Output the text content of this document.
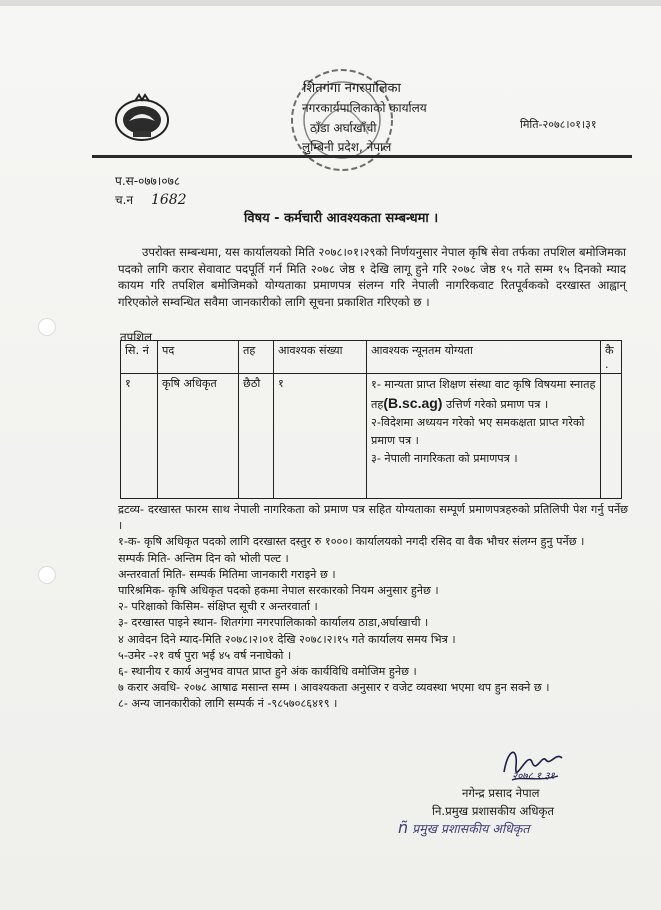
शितगंगा नगरपालिका
नगरकार्यपालिकाको कार्यालय
ठाँडा अर्घाखाँची
लुम्बिनी प्रदेश, नेपाल
मिति-२०७८।०१।३१
प.स-०७७।०७८
च.न 1682
विषय - कर्मचारी आवश्यकता सम्बन्धमा ।

उपरोक्त सम्बन्धमा, यस कार्यालयको मिति २०७८।०१।२९को निर्णयनुसार नेपाल कृषि सेवा तर्फका तपशिल बमोजिमका पदको लागि करार सेवावाट पदपूर्ति गर्न मिति २०७८ जेष्ठ १ देखि लागू हुने गरि २०७८ जेष्ठ १५ गते सम्म १५ दिनको म्याद कायम गरि तपशिल बमोजिमको योग्यताका प्रमाणपत्र संलग्न गरि नेपाली नागरिकवाट रितपूर्वकको दरखास्त आह्वान् गरिएकोले सम्वन्धित सवैमा जानकारीको लागि सूचना प्रकाशित गरिएको छ ।

तपशिल
सि. नं	पद	तह	आवश्यक संख्या	आवश्यक न्यूनतम योग्यता	कै .
१	कृषि अधिकृत	छैठौ	१	१- मान्यता प्राप्त शिक्षण संस्था वाट कृषि विषयमा स्नातह तह(B.sc.ag) उत्तिर्ण गरेको प्रमाण पत्र ।
२-विदेशमा अध्ययन गरेको भए समकक्षता प्राप्त गरेको प्रमाण पत्र ।
३- नेपाली नागरिकता को प्रमाणपत्र ।	

द्रटव्य- दरखास्त फारम साथ नेपाली नागरिकता को प्रमाण पत्र सहित योग्यताका सम्पूर्ण प्रमाणपत्रहरुको प्रतिलिपी पेश गर्नु पर्नेछ ।
१-क- कृषि अधिकृत पदको लागि दरखास्त दस्तुर रु १०००। कार्यालयको नगदी रसिद वा वैक भौचर संलग्न हुनु पर्नेछ ।
सम्पर्क मिति- अन्तिम दिन को भोली पल्ट ।
अन्तरवार्ता मिति- सम्पर्क मितिमा जानकारी गराइने छ ।
पारिश्रमिक- कृषि अधिकृत पदको हकमा नेपाल सरकारको नियम अनुसार हुनेछ ।
२- परिक्षाको किसिम- संक्षिप्त सूची र अन्तरवार्ता ।
३- दरखास्त पाइने स्थान- शितगंगा नगरपालिकाको कार्यालय ठाडा,अर्घाखाची ।
४ आवेदन दिने म्याद-मिति २०७८।२।०१ देखि २०७८।२।१५ गते कार्यालय समय भित्र ।
५-उमेर -२१ वर्ष पुरा भई ४५ वर्ष ननाघेको ।
६- स्थानीय र कार्य अनुभव वापत प्राप्त हुने अंक कार्यविधि वमोजिम हुनेछ ।
७ करार अवधि- २०७८ आषाढ मसान्त सम्म । आवश्यकता अनुसार र वजेट व्यवस्था भएमा थप हुन सक्ने छ ।
८- अन्य जानकारीको लागि सम्पर्क नं -९८५७०८६४१९ ।
२०७८.१.३१
नगेन्द्र प्रसाद नेपाल
नि.प्रमुख प्रशासकीय अधिकृत
ñ प्रमुख प्रशासकीय अधिकृत
